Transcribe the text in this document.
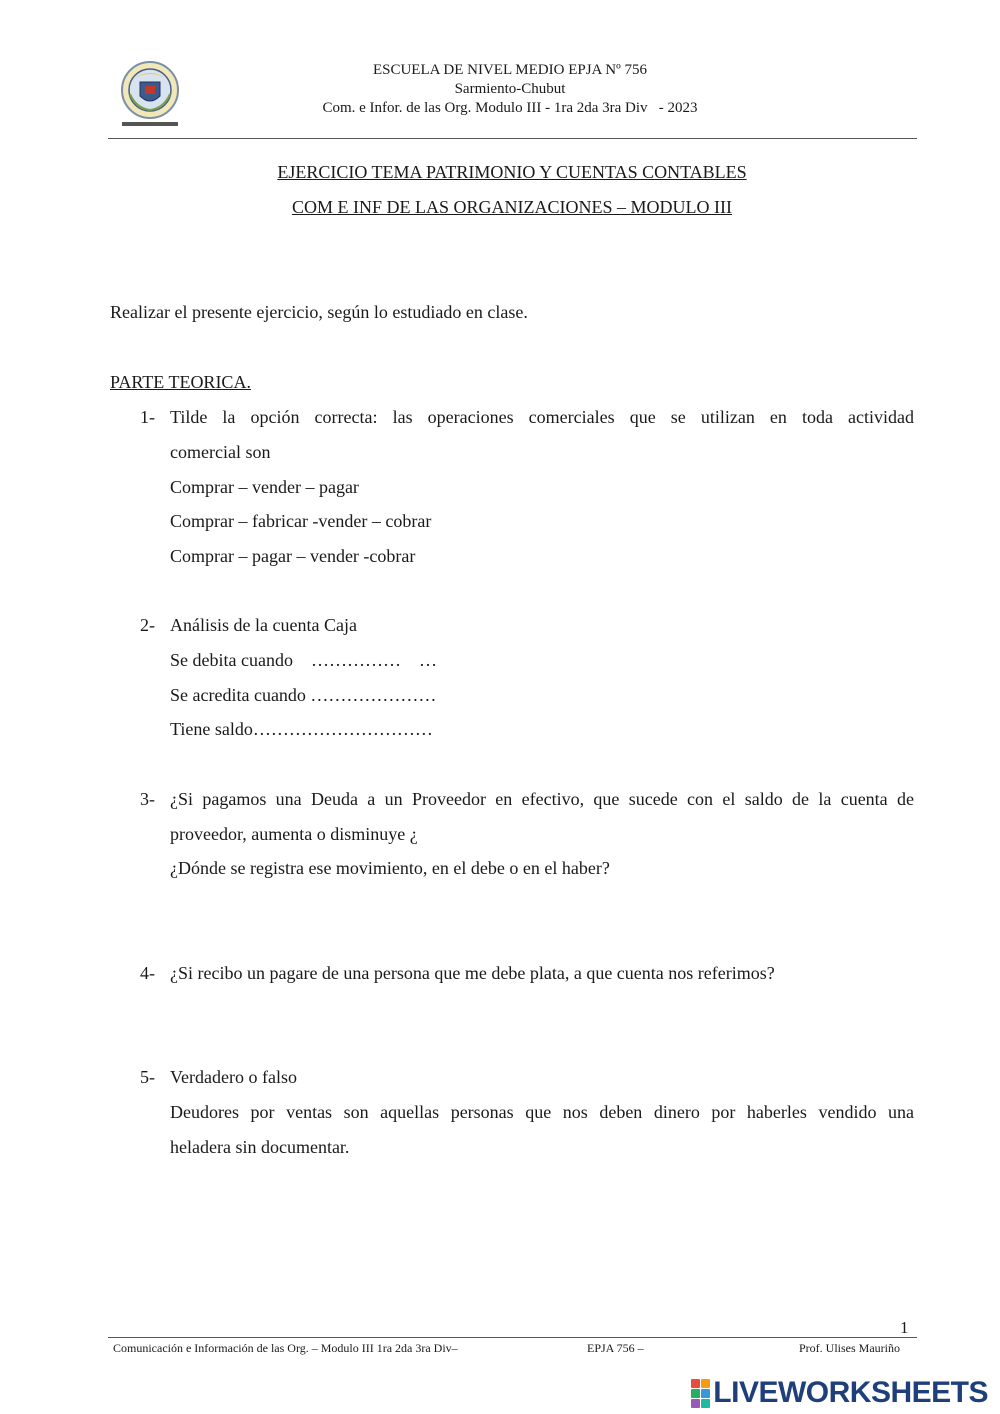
ESCUELA DE NIVEL MEDIO EPJA Nº 756
Sarmiento-Chubut
Com. e Infor. de las Org. Modulo III - 1ra 2da 3ra Div   - 2023
EJERCICIO TEMA PATRIMONIO Y CUENTAS CONTABLES
COM E INF DE LAS ORGANIZACIONES – MODULO III
Realizar el presente ejercicio, según lo estudiado en clase.
PARTE TEORICA.
1- Tilde la opción correcta: las operaciones comerciales que se utilizan en toda actividad
comercial son
Comprar – vender – pagar
Comprar – fabricar -vender – cobrar
Comprar – pagar – vender -cobrar
2- Análisis de la cuenta Caja
Se debita cuando    ……………    …
Se acredita cuando …………………
Tiene saldo…………………………
3- ¿Si pagamos una Deuda a un Proveedor en efectivo, que sucede con el saldo de la cuenta de
proveedor, aumenta o disminuye ¿
¿Dónde se registra ese movimiento, en el debe o en el haber?
4- ¿Si recibo un pagare de una persona que me debe plata, a que cuenta nos referimos?
5- Verdadero o falso
Deudores por ventas son aquellas personas que nos deben dinero por haberles vendido una
heladera sin documentar.
1
Comunicación e Información de las Org. – Modulo III 1ra 2da 3ra Div–	EPJA 756 –	Prof. Ulises Mauriño
LIVEWORKSHEETS
